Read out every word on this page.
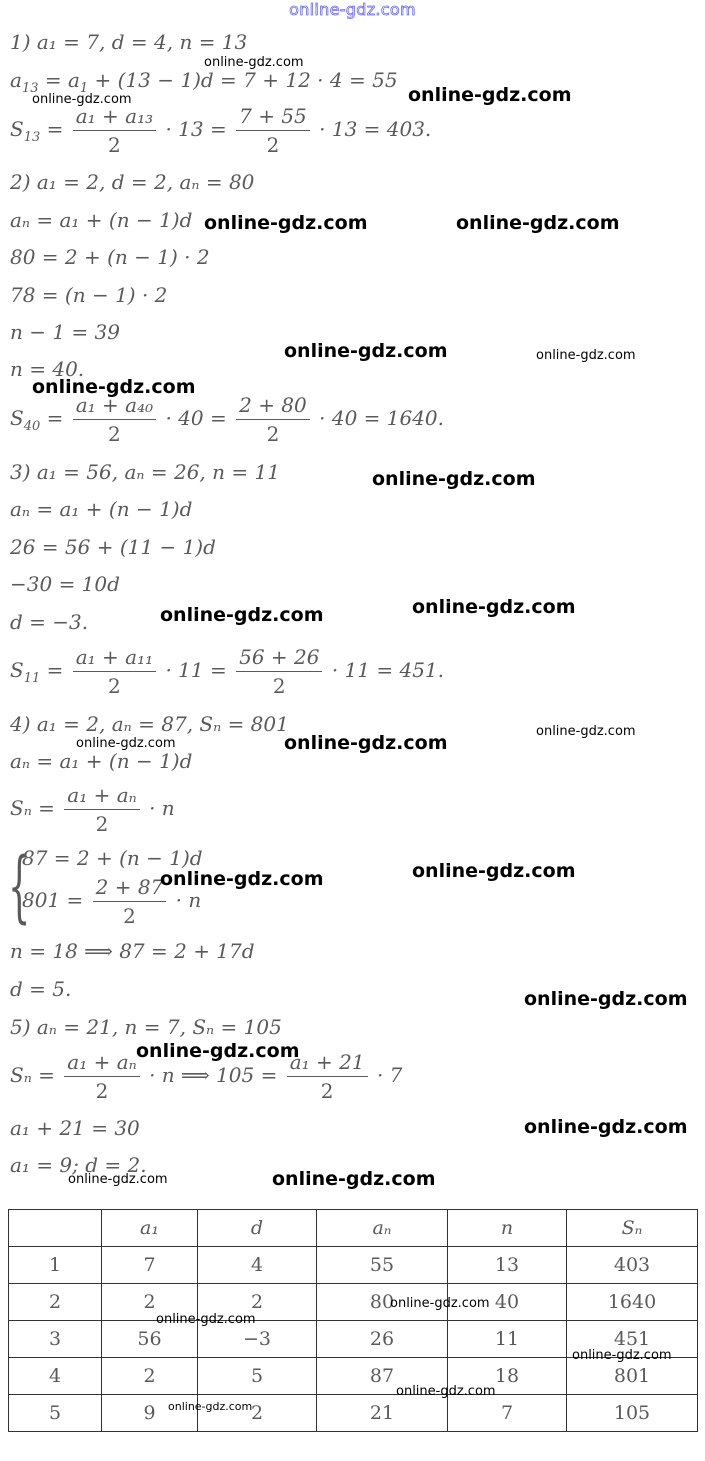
online-gdz.com
1) a₁ = 7, d = 4, n = 13
$a_{13} = a_1 + (13 - 1)d = 7 + 12 \cdot 4 = 55$
$S_{13} = \frac{\text{a₁ + a₁₃}}{2} \cdot 13 = \frac{7 + 55}{2} \cdot 13 = 403$.
2) a₁ = 2, d = 2, aₙ = 80
aₙ = a₁ + (n − 1)d
80 = 2 + (n − 1) · 2
78 = (n − 1) · 2
n − 1 = 39
n = 40.
$S_{40} = \frac{\text{a₁ + a₄₀}}{2} \cdot 40 = \frac{2 + 80}{2} \cdot 40 = 1640$.
3) a₁ = 56, aₙ = 26, n = 11
aₙ = a₁ + (n − 1)d
26 = 56 + (11 − 1)d
−30 = 10d
d = −3.
$S_{11} = \frac{\text{a₁ + a₁₁}}{2} \cdot 11 = \frac{56 + 26}{2} \cdot 11 = 451$.
4) a₁ = 2, aₙ = 87, Sₙ = 801
aₙ = a₁ + (n − 1)d
$S_n = \frac{\text{a₁ + aₙ}}{2} \cdot n$
{
87 = 2 + (n − 1)d
$801 = \frac{2 + 87}{2} \cdot n$
n = 18 ⟹ 87 = 2 + 17d
d = 5.
5) aₙ = 21, n = 7, Sₙ = 105
$S_n = \frac{\text{a₁ + aₙ}}{2} \cdot n$ ⟹ $105 = \frac{\text{a₁ + 21}}{2} \cdot 7$
a₁ + 21 = 30
a₁ = 9; d = 2.
	a₁	d	aₙ	n	Sₙ
1	7	4	55	13	403
2	2	2	80	40	1640
3	56	−3	26	11	451
4	2	5	87	18	801
5	9	2	21	7	105
online-gdz.com
online-gdz.com	online-gdz.com
online-gdz.com	online-gdz.com
online-gdz.com	online-gdz.com
online-gdz.com
online-gdz.com
online-gdz.com	online-gdz.com
online-gdz.com	online-gdz.com
online-gdz.com
online-gdz.com	online-gdz.com
online-gdz.com
online-gdz.com
online-gdz.com
online-gdz.com	online-gdz.com
online-gdz.com
online-gdz.com
online-gdz.com
online-gdz.com
online-gdz.com
